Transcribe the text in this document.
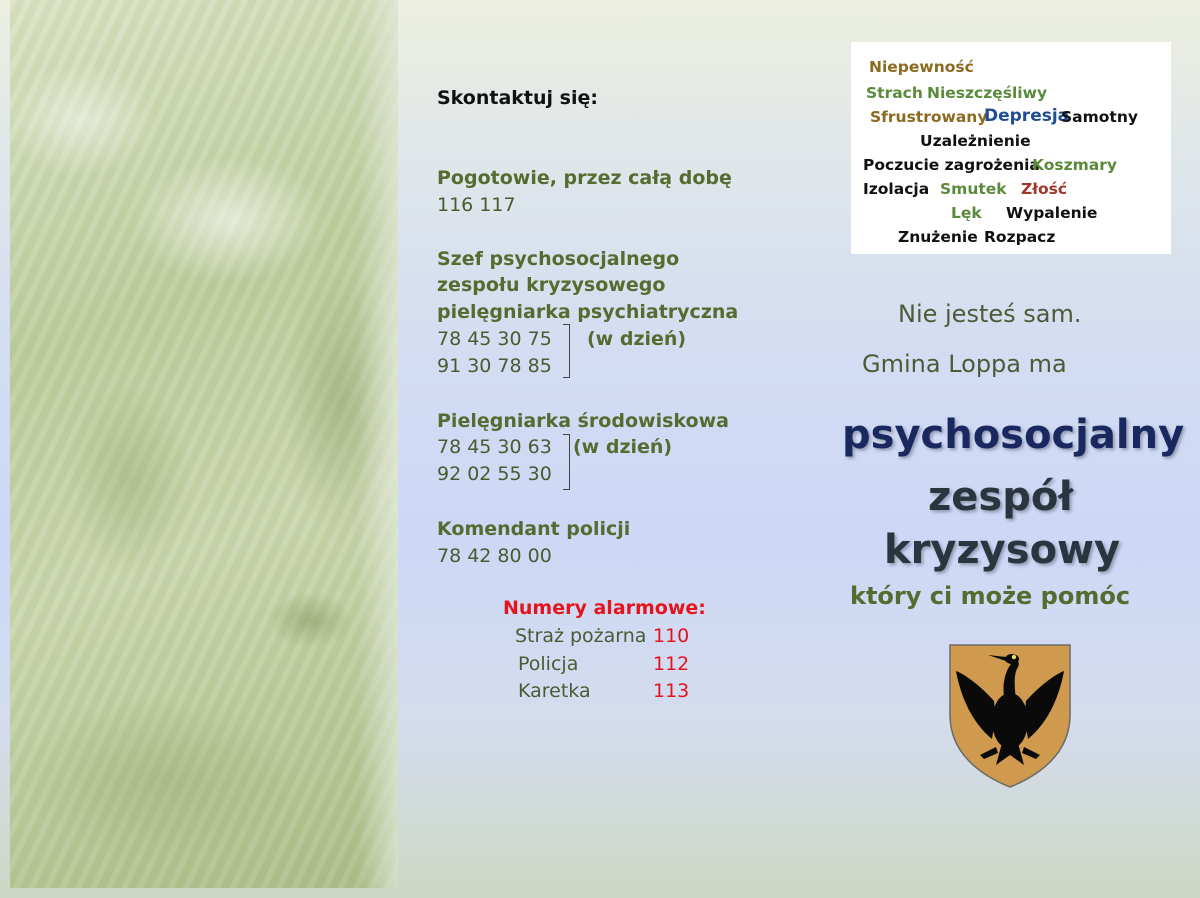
Skontaktuj się:
Pogotowie, przez całą dobę
116 117
Szef psychosocjalnego
zespołu kryzysowego
pielęgniarka psychiatryczna
78 45 30 75
91 30 78 85
(w dzień)
Pielęgniarka środowiskowa
78 45 30 63
92 02 55 30
(w dzień)
Komendant policji
78 42 80 00
Numery alarmowe:
Straż pożarna 110
Policja	112
Karetka	113
Niepewność
Strach Nieszczęśliwy
Sfrustrowany
Depresja
Samotny
Uzależnienie
Poczucie zagrożenia
Koszmary
Izolacja Smutek Złość
Lęk Wypalenie
Znużenie Rozpacz
Nie jesteś sam.
Gmina Loppa ma
psychosocjalny
zespół
kryzysowy
który ci może pomóc
